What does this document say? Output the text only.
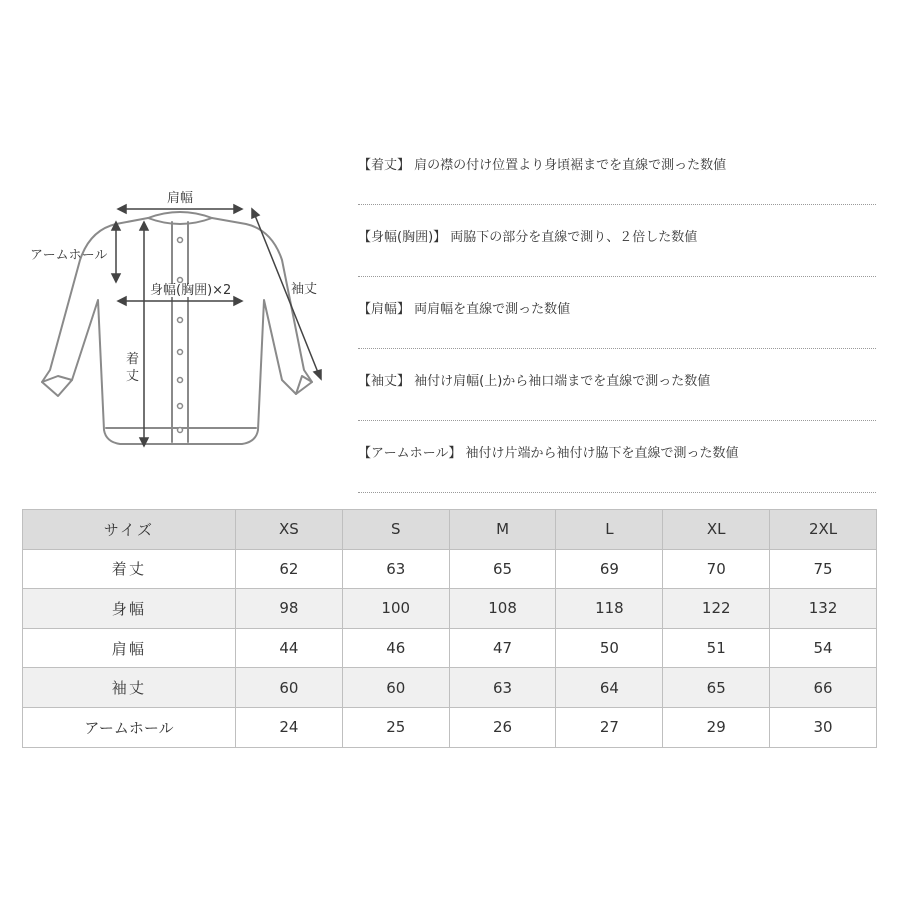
肩幅
アームホール
身幅(胸囲)×2	袖丈
着
丈
【着丈】 肩の襟の付け位置より身頃裾までを直線で測った数値
【身幅(胸囲)】 両脇下の部分を直線で測り、２倍した数値
【肩幅】 両肩幅を直線で測った数値
【袖丈】 袖付け肩幅(上)から袖口端までを直線で測った数値
【アームホール】 袖付け片端から袖付け脇下を直線で測った数値
サイズ	XS	S	M	L	XL	2XL
着丈	62	63	65	69	70	75
身幅	98	100	108	118	122	132
肩幅	44	46	47	50	51	54
袖丈	60	60	63	64	65	66
アームホール	24	25	26	27	29	30
